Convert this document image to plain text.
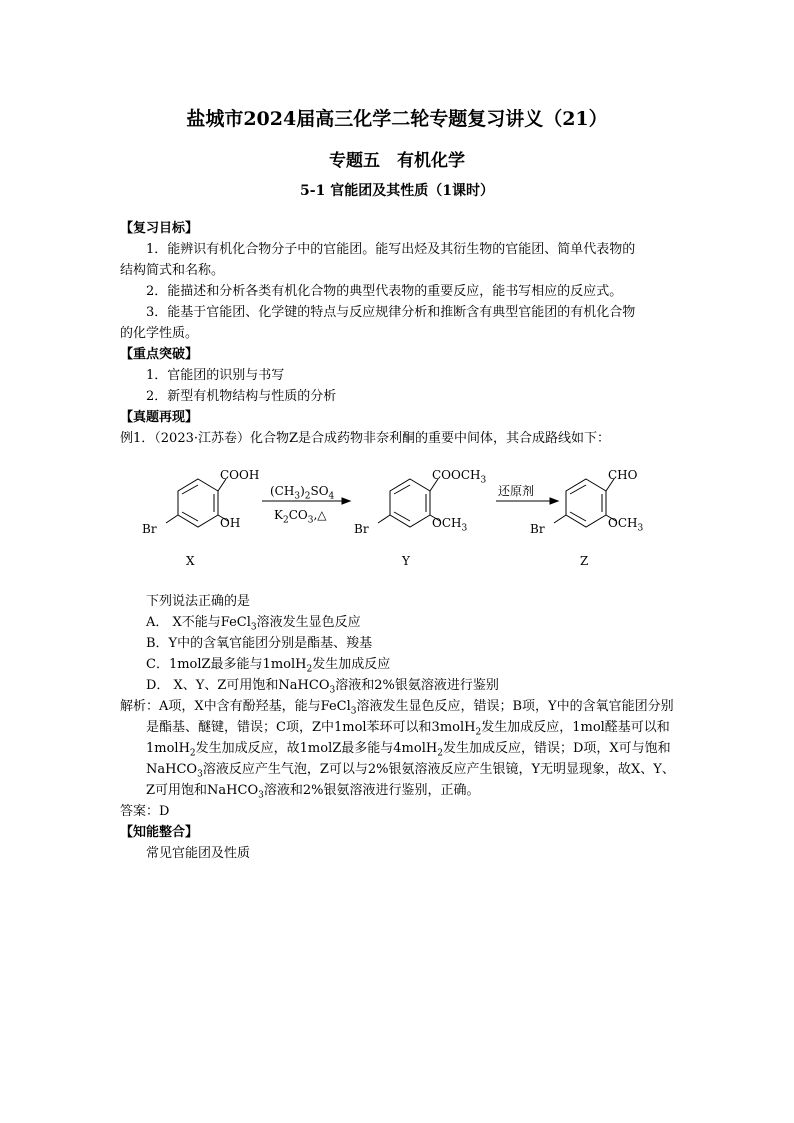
盐城市2024届高三化学二轮专题复习讲义（21）
专题五　有机化学
5-1 官能团及其性质（1课时）

【复习目标】

1．能辨识有机化合物分子中的官能团。能写出烃及其衍生物的官能团、简单代表物的

结构简式和名称。

2．能描述和分析各类有机化合物的典型代表物的重要反应，能书写相应的反应式。

3．能基于官能团、化学键的特点与反应规律分析和推断含有典型官能团的有机化合物

的化学性质。

【重点突破】

1．官能团的识别与书写

2．新型有机物结构与性质的分析

【真题再现】

例1．（2023·江苏卷）化合物Z是合成药物非奈利酮的重要中间体，其合成路线如下：

COOH
OH
Br
X
$(CH_3)_2SO_4$
$K_2CO_3,\triangle$
$COOCH_3$
$OCH_3$
Br
Y
还原剂
CHO
$OCH_3$
Br
Z

下列说法正确的是

A． X不能与FeCl$_3$溶液发生显色反应

B．Y中的含氧官能团分别是酯基、羧基

C．1molZ最多能与1molH$_2$发生加成反应

D． X、Y、Z可用饱和NaHCO$_3$溶液和2%银氨溶液进行鉴别

解析：A项，X中含有酚羟基，能与FeCl$_3$溶液发生显色反应，错误；B项，Y中的含氧官能团分别是酯基、醚键，错误；C项，Z中1mol苯环可以和3molH$_2$发生加成反应，1mol醛基可以和1molH$_2$发生加成反应，故1molZ最多能与4molH$_2$发生加成反应，错误；D项，X可与饱和NaHCO$_3$溶液反应产生气泡，Z可以与2%银氨溶液反应产生银镜，Y无明显现象，故X、Y、Z可用饱和NaHCO$_3$溶液和2%银氨溶液进行鉴别，正确。

答案：D

【知能整合】

常见官能团及性质
